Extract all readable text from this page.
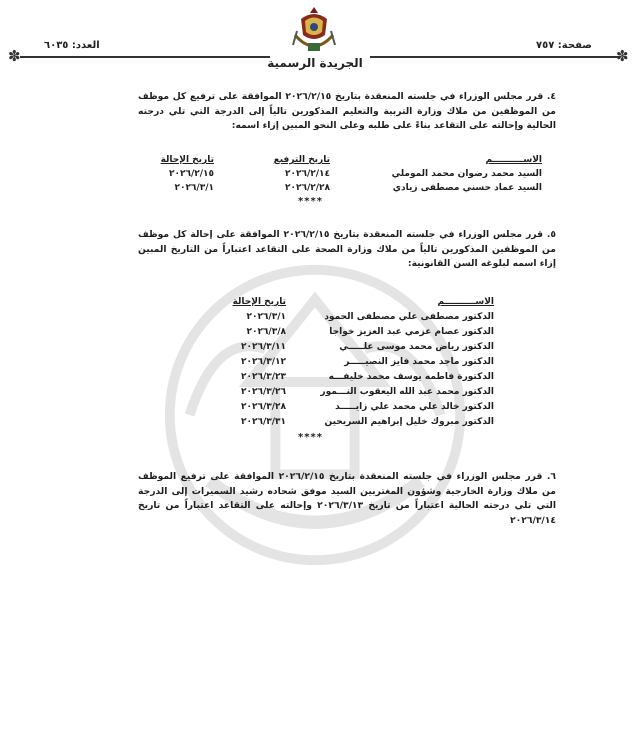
صفحة: ٧٥٧
العدد: ٦٠٣٥
✽	✽
الجريدة الرسمية
٤. قرر مجلس الوزراء في جلسته المنعقدة بتاريخ ٢٠٢٦/٢/١٥ الموافقة على ترفيع كل موظف من الموظفين من ملاك وزارة التربية والتعليم المذكورين تالياً إلى الدرجة التي تلي درجته الحالية وإحالته على التقاعد بناءً على طلبه وعلى النحو المبين إزاء اسمه:
الاســــــــــم
تاريخ الترفيع
تاريخ الإحالة
السيد محمد رضوان محمد الموملي
٢٠٢٦/٢/١٤
٢٠٢٦/٢/١٥
السيد عماد حسني مصطفى زيادي
٢٠٢٦/٢/٢٨
٢٠٢٦/٣/١
****
٥. قرر مجلس الوزراء في جلسته المنعقدة بتاريخ ٢٠٢٦/٢/١٥ الموافقة على إحالة كل موظف من الموظفين المذكورين تالياً من ملاك وزارة الصحة على التقاعد اعتباراً من التاريخ المبين إزاء اسمه لبلوغه السن القانونية:
الاســــــــــم
تاريخ الإحالة
الدكتور مصطفى علي مصطفى الحمود
٢٠٢٦/٣/١
الدكتور عصام عزمي عبد العزيز خواجا
٢٠٢٦/٣/٨
الدكتور رياض محمد موسى علـــــي
٢٠٢٦/٣/١١
الدكتور ماجد محمد فايز النصيـــــر
٢٠٢٦/٣/١٢
الدكتورة فاطمه يوسف محمد خليفـــه
٢٠٢٦/٣/٢٣
الدكتور محمد عبد الله اليعقوب النـــمور
٢٠٢٦/٣/٢٦
الدكتور خالد علي محمد علي زايـــــد
٢٠٢٦/٣/٢٨
الدكتور مبروك خليل إبراهيم السريحين
٢٠٢٦/٣/٣١
****
٦. قرر مجلس الوزراء في جلسته المنعقدة بتاريخ ٢٠٢٦/٢/١٥ الموافقة على ترفيع الموظف من ملاك وزارة الخارجية وشؤون المغتربين السيد موفق شحاده رشيد السميرات إلى الدرجة التي تلي درجته الحالية اعتباراً من تاريخ ٢٠٢٦/٣/١٣ وإحالته على التقاعد اعتباراً من تاريخ ٢٠٢٦/٣/١٤
